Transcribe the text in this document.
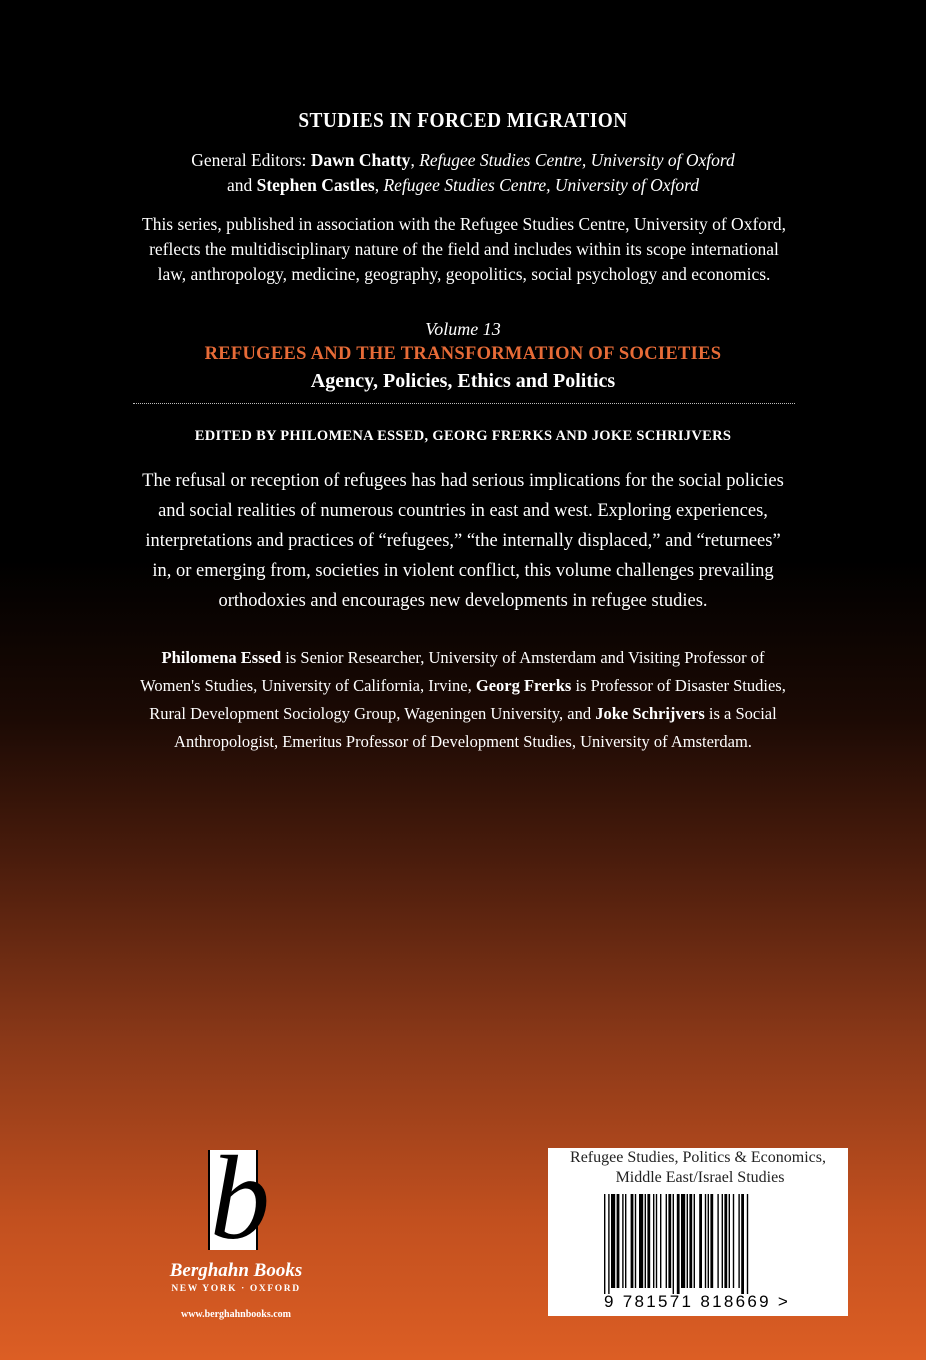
STUDIES IN FORCED MIGRATION
General Editors: Dawn Chatty, Refugee Studies Centre, University of Oxford
and Stephen Castles, Refugee Studies Centre, University of Oxford
This series, published in association with the Refugee Studies Centre, University of Oxford,
reflects the multidisciplinary nature of the field and includes within its scope international
law, anthropology, medicine, geography, geopolitics, social psychology and economics.
Volume 13
REFUGEES AND THE TRANSFORMATION OF SOCIETIES
Agency, Policies, Ethics and Politics
EDITED BY PHILOMENA ESSED, GEORG FRERKS AND JOKE SCHRIJVERS
The refusal or reception of refugees has had serious implications for the social policies
and social realities of numerous countries in east and west. Exploring experiences,
interpretations and practices of “refugees,” “the internally displaced,” and “returnees”
in, or emerging from, societies in violent conflict, this volume challenges prevailing
orthodoxies and encourages new developments in refugee studies.
Philomena Essed is Senior Researcher, University of Amsterdam and Visiting Professor of
Women's Studies, University of California, Irvine, Georg Frerks is Professor of Disaster Studies,
Rural Development Sociology Group, Wageningen University, and Joke Schrijvers is a Social
Anthropologist, Emeritus Professor of Development Studies, University of Amsterdam.
b
Berghahn Books
NEW YORK · OXFORD
www.berghahnbooks.com
Refugee Studies, Politics & Economics,
Middle East/Israel Studies
9 781571 818669 >
